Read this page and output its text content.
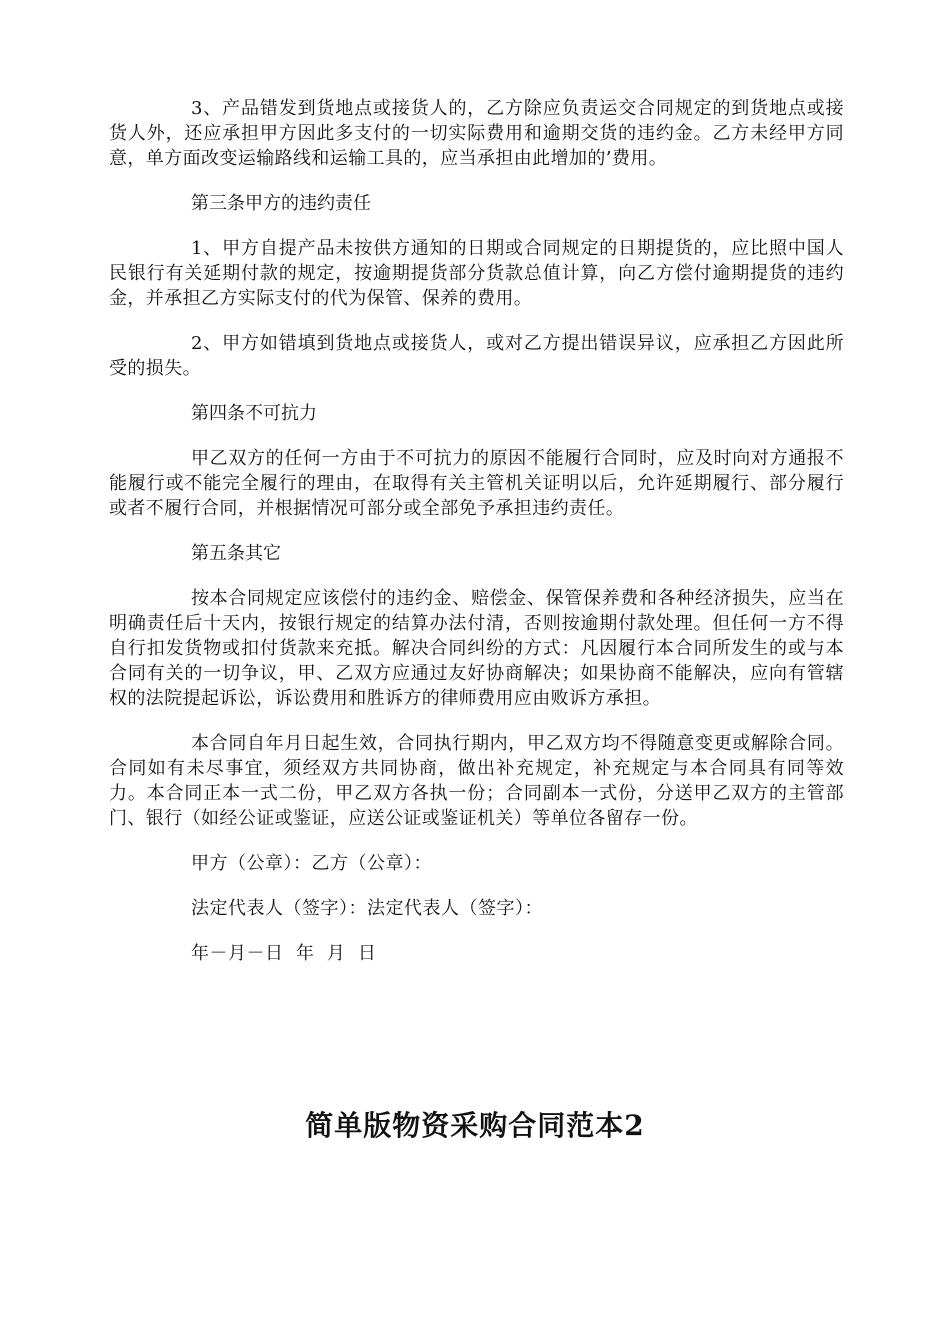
3、产品错发到货地点或接货人的，乙方除应负责运交合同规定的到货地点或接货人外，还应承担甲方因此多支付的一切实际费用和逾期交货的违约金。乙方未经甲方同意，单方面改变运输路线和运输工具的，应当承担由此增加的’费用。

第三条甲方的违约责任

1、甲方自提产品未按供方通知的日期或合同规定的日期提货的，应比照中国人民银行有关延期付款的规定，按逾期提货部分货款总值计算，向乙方偿付逾期提货的违约金，并承担乙方实际支付的代为保管、保养的费用。

2、甲方如错填到货地点或接货人，或对乙方提出错误异议，应承担乙方因此所受的损失。

第四条不可抗力

甲乙双方的任何一方由于不可抗力的原因不能履行合同时，应及时向对方通报不能履行或不能完全履行的理由，在取得有关主管机关证明以后，允许延期履行、部分履行或者不履行合同，并根据情况可部分或全部免予承担违约责任。

第五条其它

按本合同规定应该偿付的违约金、赔偿金、保管保养费和各种经济损失，应当在明确责任后十天内，按银行规定的结算办法付清，否则按逾期付款处理。但任何一方不得自行扣发货物或扣付货款来充抵。解决合同纠纷的方式：凡因履行本合同所发生的或与本合同有关的一切争议，甲、乙双方应通过友好协商解决；如果协商不能解决，应向有管辖权的法院提起诉讼，诉讼费用和胜诉方的律师费用应由败诉方承担。

本合同自年月日起生效，合同执行期内，甲乙双方均不得随意变更或解除合同。合同如有未尽事宜，须经双方共同协商，做出补充规定，补充规定与本合同具有同等效力。本合同正本一式二份，甲乙双方各执一份；合同副本一式份，分送甲乙双方的主管部门、银行（如经公证或鉴证，应送公证或鉴证机关）等单位各留存一份。

甲方（公章）：乙方（公章）：

法定代表人（签字）：法定代表人（签字）：

年－月－日  年  月  日

简单版物资采购合同范本2
